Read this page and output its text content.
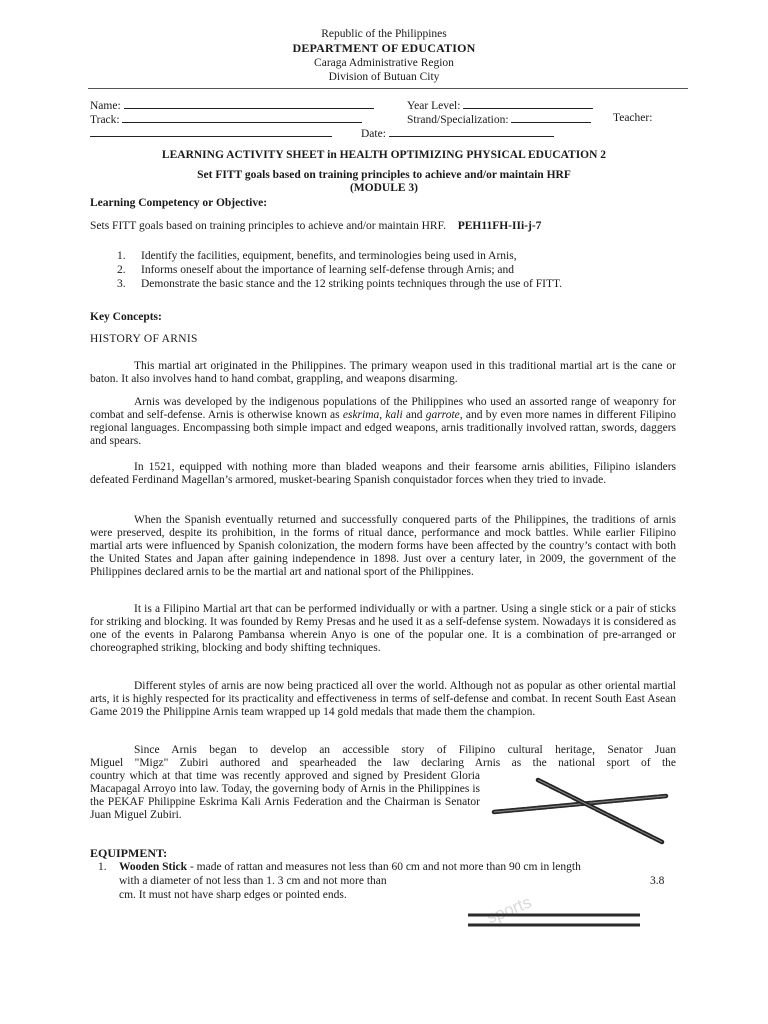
Republic of the Philippines
DEPARTMENT OF EDUCATION
Caraga Administrative Region
Division of Butuan City
Name:	Year Level:
Track:	Strand/Specialization:	Teacher:
Date:
LEARNING ACTIVITY SHEET in HEALTH OPTIMIZING PHYSICAL EDUCATION 2
Set FITT goals based on training principles to achieve and/or maintain HRF
(MODULE 3)
Learning Competency or Objective:
Sets FITT goals based on training principles to achieve and/or maintain HRF. PEH11FH-IIi-j-7
1. Identify the facilities, equipment, benefits, and terminologies being used in Arnis,
2. Informs oneself about the importance of learning self-defense through Arnis; and
3. Demonstrate the basic stance and the 12 striking points techniques through the use of FITT.
Key Concepts:
HISTORY OF ARNIS
This martial art originated in the Philippines. The primary weapon used in this traditional martial art is the cane or baton. It also involves hand to hand combat, grappling, and weapons disarming.
Arnis was developed by the indigenous populations of the Philippines who used an assorted range of weaponry for combat and self-defense. Arnis is otherwise known as eskrima, kali and garrote, and by even more names in different Filipino regional languages. Encompassing both simple impact and edged weapons, arnis traditionally involved rattan, swords, daggers and spears.
In 1521, equipped with nothing more than bladed weapons and their fearsome arnis abilities, Filipino islanders defeated Ferdinand Magellan’s armored, musket-bearing Spanish conquistador forces when they tried to invade.
When the Spanish eventually returned and successfully conquered parts of the Philippines, the traditions of arnis were preserved, despite its prohibition, in the forms of ritual dance, performance and mock battles. While earlier Filipino martial arts were influenced by Spanish colonization, the modern forms have been affected by the country’s contact with both the United States and Japan after gaining independence in 1898. Just over a century later, in 2009, the government of the Philippines declared arnis to be the martial art and national sport of the Philippines.
It is a Filipino Martial art that can be performed individually or with a partner. Using a single stick or a pair of sticks for striking and blocking. It was founded by Remy Presas and he used it as a self-defense system. Nowadays it is considered as one of the events in Palarong Pambansa wherein Anyo is one of the popular one. It is a combination of pre-arranged or choreographed striking, blocking and body shifting techniques.
Different styles of arnis are now being practiced all over the world. Although not as popular as other oriental martial arts, it is highly respected for its practicality and effectiveness in terms of self-defense and combat. In recent South East Asean Game 2019 the Philippine Arnis team wrapped up 14 gold medals that made them the champion.
Since Arnis began to develop an accessible story of Filipino cultural heritage, Senator Juan
Miguel "Migz" Zubiri authored and spearheaded the law declaring Arnis as the national sport of the
country which at that time was recently approved and signed by President Gloria Macapagal Arroyo into law. Today, the governing body of Arnis in the Philippines is the PEKAF Philippine Eskrima Kali Arnis Federation and the Chairman is Senator Juan Miguel Zubiri.
EQUIPMENT:
1. Wooden Stick - made of rattan and measures not less than 60 cm and not more than 90 cm in length
with a diameter of not less than 1. 3 cm and not more than	3.8
cm. It must not have sharp edges or pointed ends.	sports
